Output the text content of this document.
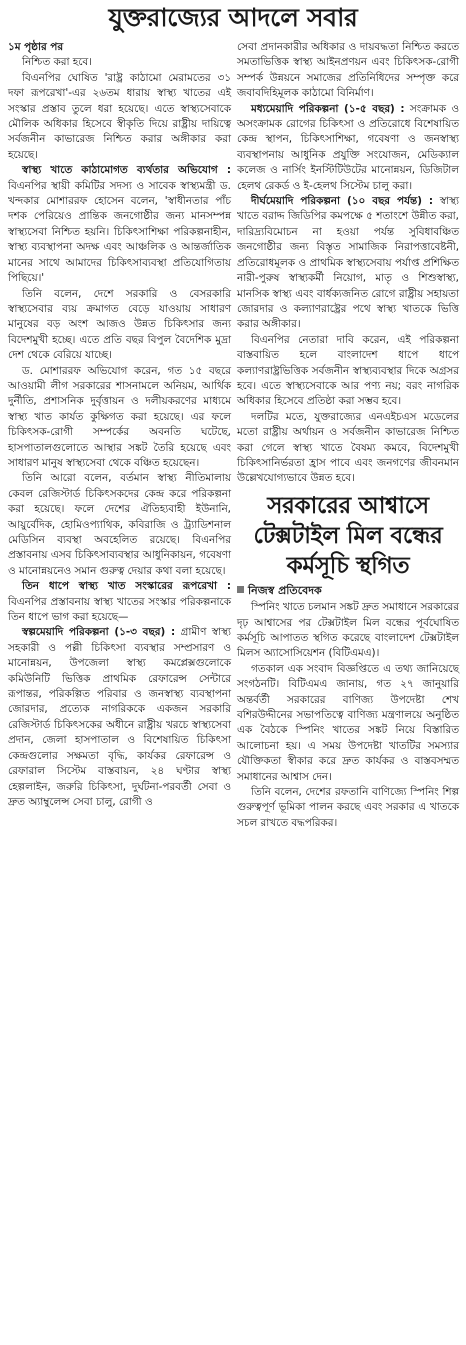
যুক্তরাজ্যের আদলে সবার

১ম পৃষ্ঠার পর

নিশ্চিত করা হবে।

বিএনপির ঘোষিত 'রাষ্ট্র কাঠামো মেরামতের ৩১ দফা রূপরেখা'-এর ২৬তম ধারায় স্বাস্থ্য খাতের এই সংস্কার প্রস্তাব তুলে ধরা হয়েছে। এতে স্বাস্থ্যসেবাকে মৌলিক অধিকার হিসেবে স্বীকৃতি দিয়ে রাষ্ট্রীয় দায়িত্বে সর্বজনীন কাভারেজ নিশ্চিত করার অঙ্গীকার করা হয়েছে।

স্বাস্থ্য খাতে কাঠামোগত ব্যর্থতার অভিযোগ : বিএনপির স্থায়ী কমিটির সদস্য ও সাবেক স্বাস্থ্যমন্ত্রী ড. খন্দকার মোশাররফ হোসেন বলেন, 'স্বাধীনতার পাঁচ দশক পেরিয়েও প্রান্তিক জনগোষ্ঠীর জন্য মানসম্পন্ন স্বাস্থ্যসেবা নিশ্চিত হয়নি। চিকিৎসাশিক্ষা পরিকল্পনাহীন, স্বাস্থ্য ব্যবস্থাপনা অদক্ষ এবং আঞ্চলিক ও আন্তর্জাতিক মানের সাথে আমাদের চিকিৎসাব্যবস্থা প্রতিযোগিতায় পিছিয়ে।'

তিনি বলেন, দেশে সরকারি ও বেসরকারি স্বাস্থ্যসেবার ব্যয় ক্রমাগত বেড়ে যাওয়ায় সাধারণ মানুষের বড় অংশ আজও উন্নত চিকিৎসার জন্য বিদেশমুখী হচ্ছে। এতে প্রতি বছর বিপুল বৈদেশিক মুদ্রা দেশ থেকে বেরিয়ে যাচ্ছে।

ড. মোশাররফ অভিযোগ করেন, গত ১৫ বছরে আওয়ামী লীগ সরকারের শাসনামলে অনিয়ম, আর্থিক দুর্নীতি, প্রশাসনিক দুর্বৃত্তায়ন ও দলীয়করণের মাধ্যমে স্বাস্থ্য খাত কার্যত কুক্ষিগত করা হয়েছে। এর ফলে চিকিৎসক-রোগী সম্পর্কের অবনতি ঘটেছে, হাসপাতালগুলোতে আস্থার সঙ্কট তৈরি হয়েছে এবং সাধারণ মানুষ স্বাস্থ্যসেবা থেকে বঞ্চিত হয়েছেন।

তিনি আরো বলেন, বর্তমান স্বাস্থ্য নীতিমালায় কেবল রেজিস্টার্ড চিকিৎসকদের কেন্দ্র করে পরিকল্পনা করা হয়েছে। ফলে দেশের ঐতিহ্যবাহী ইউনানি, আয়ুর্বেদিক, হোমিওপ্যাথিক, কবিরাজি ও ট্র্যাডিশনাল মেডিসিন ব্যবস্থা অবহেলিত রয়েছে। বিএনপির প্রস্তাবনায় এসব চিকিৎসাব্যবস্থার আধুনিকায়ন, গবেষণা ও মানোন্নয়নেও সমান গুরুত্ব দেয়ার কথা বলা হয়েছে।

তিন ধাপে স্বাস্থ্য খাত সংস্কারের রূপরেখা : বিএনপির প্রস্তাবনায় স্বাস্থ্য খাতের সংস্কার পরিকল্পনাকে তিন ধাপে ভাগ করা হয়েছে—

স্বল্পমেয়াদি পরিকল্পনা (১-৩ বছর) : গ্রামীণ স্বাস্থ্য সহকারী ও পল্লী চিকিৎসা ব্যবস্থার সম্প্রসারণ ও মানোন্নয়ন, উপজেলা স্বাস্থ্য কমপ্লেক্সগুলোকে কমিউনিটি ভিত্তিক প্রাথমিক রেফারেন্স সেন্টারে রূপান্তর, পরিকল্পিত পরিবার ও জনস্বাস্থ্য ব্যবস্থাপনা জোরদার, প্রত্যেক নাগরিককে একজন সরকারি রেজিস্টার্ড চিকিৎসকের অধীনে রাষ্ট্রীয় খরচে স্বাস্থ্যসেবা প্রদান, জেলা হাসপাতাল ও বিশেষায়িত চিকিৎসা কেন্দ্রগুলোর সক্ষমতা বৃদ্ধি, কার্যকর রেফারেন্স ও রেফারাল সিস্টেম বাস্তবায়ন, ২৪ ঘণ্টার স্বাস্থ্য হেল্পলাইন, জরুরি চিকিৎসা, দুর্ঘটনা-পরবর্তী সেবা ও দ্রুত অ্যাম্বুলেন্স সেবা চালু, রোগী ও

সেবা প্রদানকারীর অধিকার ও দায়বদ্ধতা নিশ্চিত করতে সমতাভিত্তিক স্বাস্থ্য আইনপ্রণয়ন এবং চিকিৎসক-রোগী সম্পর্ক উন্নয়নে সমাজের প্রতিনিধিদের সম্পৃক্ত করে জবাবদিহিমূলক কাঠামো বিনির্মাণ।

মধ্যমেয়াদি পরিকল্পনা (১-৫ বছর) : সংক্রামক ও অসংক্রামক রোগের চিকিৎসা ও প্রতিরোধে বিশেষায়িত কেন্দ্র স্থাপন, চিকিৎসাশিক্ষা, গবেষণা ও জনস্বাস্থ্য ব্যবস্থাপনায় আধুনিক প্রযুক্তি সংযোজন, মেডিক্যাল কলেজ ও নার্সিং ইনস্টিটিউটের মানোন্নয়ন, ডিজিটাল হেলথ রেকর্ড ও ই-হেলথ সিস্টেম চালু করা।

দীর্ঘমেয়াদি পরিকল্পনা (১০ বছর পর্যন্ত) : স্বাস্থ্য খাতে বরাদ্দ জিডিপির কমপক্ষে ৫ শতাংশে উন্নীত করা, দারিদ্র্যবিমোচন না হওয়া পর্যন্ত সুবিধাবঞ্চিত জনগোষ্ঠীর জন্য বিস্তৃত সামাজিক নিরাপত্তাবেষ্টনী, প্রতিরোধমূলক ও প্রাথমিক স্বাস্থ্যসেবায় পর্যাপ্ত প্রশিক্ষিত নারী-পুরুষ স্বাস্থ্যকর্মী নিয়োগ, মাতৃ ও শিশুস্বাস্থ্য, মানসিক স্বাস্থ্য এবং বার্ধক্যজনিত রোগে রাষ্ট্রীয় সহায়তা জোরদার ও কল্যাণরাষ্ট্রের পথে স্বাস্থ্য খাতকে ভিত্তি করার অঙ্গীকার।

বিএনপির নেতারা দাবি করেন, এই পরিকল্পনা বাস্তবায়িত হলে বাংলাদেশ ধাপে ধাপে কল্যাণরাষ্ট্রভিত্তিক সর্বজনীন স্বাস্থ্যব্যবস্থার দিকে অগ্রসর হবে। এতে স্বাস্থ্যসেবাকে আর পণ্য নয়; বরং নাগরিক অধিকার হিসেবে প্রতিষ্ঠা করা সম্ভব হবে।

দলটির মতে, যুক্তরাজ্যের এনএইচএস মডেলের মতো রাষ্ট্রীয় অর্থায়ন ও সর্বজনীন কাভারেজ নিশ্চিত করা গেলে স্বাস্থ্য খাতে বৈষম্য কমবে, বিদেশমুখী চিকিৎসানির্ভরতা হ্রাস পাবে এবং জনগণের জীবনমান উল্লেখযোগ্যভাবে উন্নত হবে।

সরকারের আশ্বাসে টেক্সটাইল মিল বন্ধের কর্মসূচি স্থগিত
নিজস্ব প্রতিবেদক

স্পিনিং খাতে চলমান সঙ্কট দ্রুত সমাধানে সরকারের দৃঢ় আশ্বাসের পর টেক্সটাইল মিল বন্ধের পূর্বঘোষিত কর্মসূচি আপাতত স্থগিত করেছে বাংলাদেশ টেক্সটাইল মিলস অ্যাসোসিয়েশন (বিটিএমএ)।

গতকাল এক সংবাদ বিজ্ঞপ্তিতে এ তথ্য জানিয়েছে সংগঠনটি। বিটিএমএ জানায়, গত ২৭ জানুয়ারি অন্তর্বর্তী সরকারের বাণিজ্য উপদেষ্টা শেখ বশিরউদ্দীনের সভাপতিত্বে বাণিজ্য মন্ত্রণালয়ে অনুষ্ঠিত এক বৈঠকে স্পিনিং খাতের সঙ্কট নিয়ে বিস্তারিত আলোচনা হয়। এ সময় উপদেষ্টা খাতটির সমস্যার যৌক্তিকতা স্বীকার করে দ্রুত কার্যকর ও বাস্তবসম্মত সমাধানের আশ্বাস দেন।

তিনি বলেন, দেশের রফতানি বাণিজ্যে স্পিনিং শিল্প গুরুত্বপূর্ণ ভূমিকা পালন করছে এবং সরকার এ খাতকে সচল রাখতে বদ্ধপরিকর।
